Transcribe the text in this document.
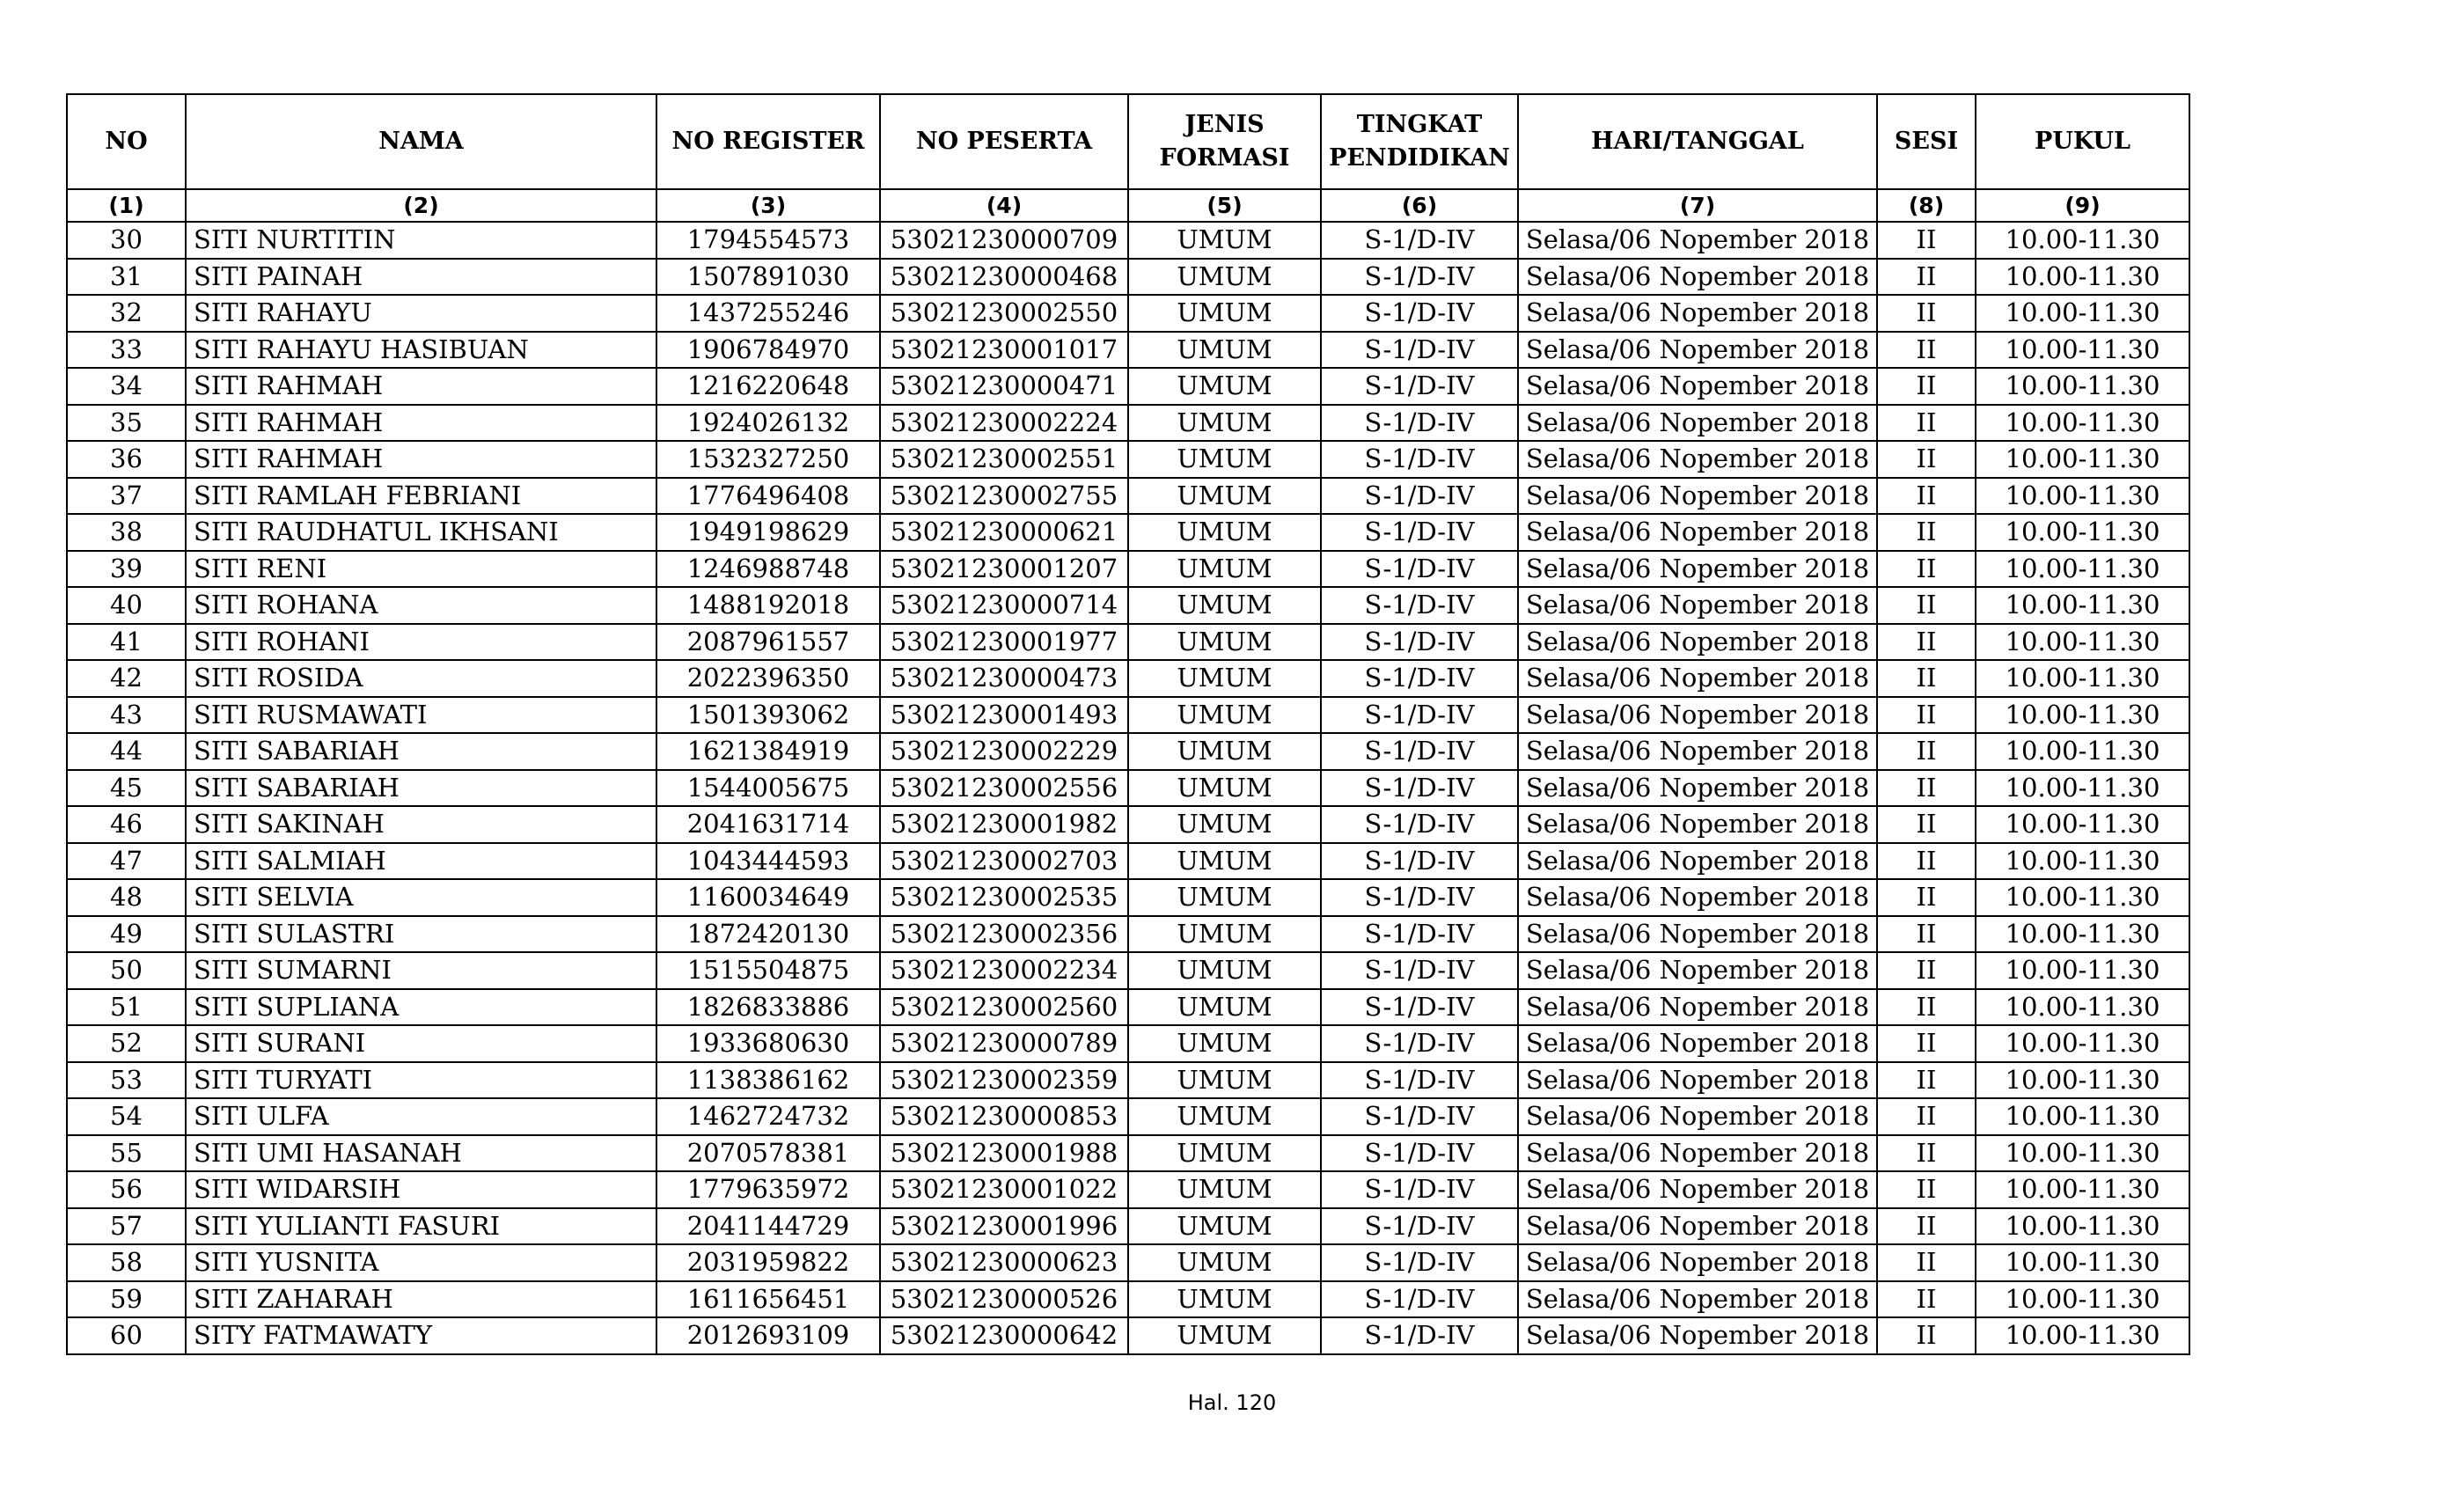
NO	NAMA	NO REGISTER	NO PESERTA	JENIS FORMASI	TINGKAT PENDIDIKAN	HARI/TANGGAL	SESI	PUKUL
(1)	(2)	(3)	(4)	(5)	(6)	(7)	(8)	(9)
30	SITI NURTITIN	1794554573	53021230000709	UMUM	S-1/D-IV	Selasa/06 Nopember 2018	II	10.00-11.30
31	SITI PAINAH	1507891030	53021230000468	UMUM	S-1/D-IV	Selasa/06 Nopember 2018	II	10.00-11.30
32	SITI RAHAYU	1437255246	53021230002550	UMUM	S-1/D-IV	Selasa/06 Nopember 2018	II	10.00-11.30
33	SITI RAHAYU HASIBUAN	1906784970	53021230001017	UMUM	S-1/D-IV	Selasa/06 Nopember 2018	II	10.00-11.30
34	SITI RAHMAH	1216220648	53021230000471	UMUM	S-1/D-IV	Selasa/06 Nopember 2018	II	10.00-11.30
35	SITI RAHMAH	1924026132	53021230002224	UMUM	S-1/D-IV	Selasa/06 Nopember 2018	II	10.00-11.30
36	SITI RAHMAH	1532327250	53021230002551	UMUM	S-1/D-IV	Selasa/06 Nopember 2018	II	10.00-11.30
37	SITI RAMLAH FEBRIANI	1776496408	53021230002755	UMUM	S-1/D-IV	Selasa/06 Nopember 2018	II	10.00-11.30
38	SITI RAUDHATUL IKHSANI	1949198629	53021230000621	UMUM	S-1/D-IV	Selasa/06 Nopember 2018	II	10.00-11.30
39	SITI RENI	1246988748	53021230001207	UMUM	S-1/D-IV	Selasa/06 Nopember 2018	II	10.00-11.30
40	SITI ROHANA	1488192018	53021230000714	UMUM	S-1/D-IV	Selasa/06 Nopember 2018	II	10.00-11.30
41	SITI ROHANI	2087961557	53021230001977	UMUM	S-1/D-IV	Selasa/06 Nopember 2018	II	10.00-11.30
42	SITI ROSIDA	2022396350	53021230000473	UMUM	S-1/D-IV	Selasa/06 Nopember 2018	II	10.00-11.30
43	SITI RUSMAWATI	1501393062	53021230001493	UMUM	S-1/D-IV	Selasa/06 Nopember 2018	II	10.00-11.30
44	SITI SABARIAH	1621384919	53021230002229	UMUM	S-1/D-IV	Selasa/06 Nopember 2018	II	10.00-11.30
45	SITI SABARIAH	1544005675	53021230002556	UMUM	S-1/D-IV	Selasa/06 Nopember 2018	II	10.00-11.30
46	SITI SAKINAH	2041631714	53021230001982	UMUM	S-1/D-IV	Selasa/06 Nopember 2018	II	10.00-11.30
47	SITI SALMIAH	1043444593	53021230002703	UMUM	S-1/D-IV	Selasa/06 Nopember 2018	II	10.00-11.30
48	SITI SELVIA	1160034649	53021230002535	UMUM	S-1/D-IV	Selasa/06 Nopember 2018	II	10.00-11.30
49	SITI SULASTRI	1872420130	53021230002356	UMUM	S-1/D-IV	Selasa/06 Nopember 2018	II	10.00-11.30
50	SITI SUMARNI	1515504875	53021230002234	UMUM	S-1/D-IV	Selasa/06 Nopember 2018	II	10.00-11.30
51	SITI SUPLIANA	1826833886	53021230002560	UMUM	S-1/D-IV	Selasa/06 Nopember 2018	II	10.00-11.30
52	SITI SURANI	1933680630	53021230000789	UMUM	S-1/D-IV	Selasa/06 Nopember 2018	II	10.00-11.30
53	SITI TURYATI	1138386162	53021230002359	UMUM	S-1/D-IV	Selasa/06 Nopember 2018	II	10.00-11.30
54	SITI ULFA	1462724732	53021230000853	UMUM	S-1/D-IV	Selasa/06 Nopember 2018	II	10.00-11.30
55	SITI UMI HASANAH	2070578381	53021230001988	UMUM	S-1/D-IV	Selasa/06 Nopember 2018	II	10.00-11.30
56	SITI WIDARSIH	1779635972	53021230001022	UMUM	S-1/D-IV	Selasa/06 Nopember 2018	II	10.00-11.30
57	SITI YULIANTI FASURI	2041144729	53021230001996	UMUM	S-1/D-IV	Selasa/06 Nopember 2018	II	10.00-11.30
58	SITI YUSNITA	2031959822	53021230000623	UMUM	S-1/D-IV	Selasa/06 Nopember 2018	II	10.00-11.30
59	SITI ZAHARAH	1611656451	53021230000526	UMUM	S-1/D-IV	Selasa/06 Nopember 2018	II	10.00-11.30
60	SITY FATMAWATY	2012693109	53021230000642	UMUM	S-1/D-IV	Selasa/06 Nopember 2018	II	10.00-11.30
Hal. 120
